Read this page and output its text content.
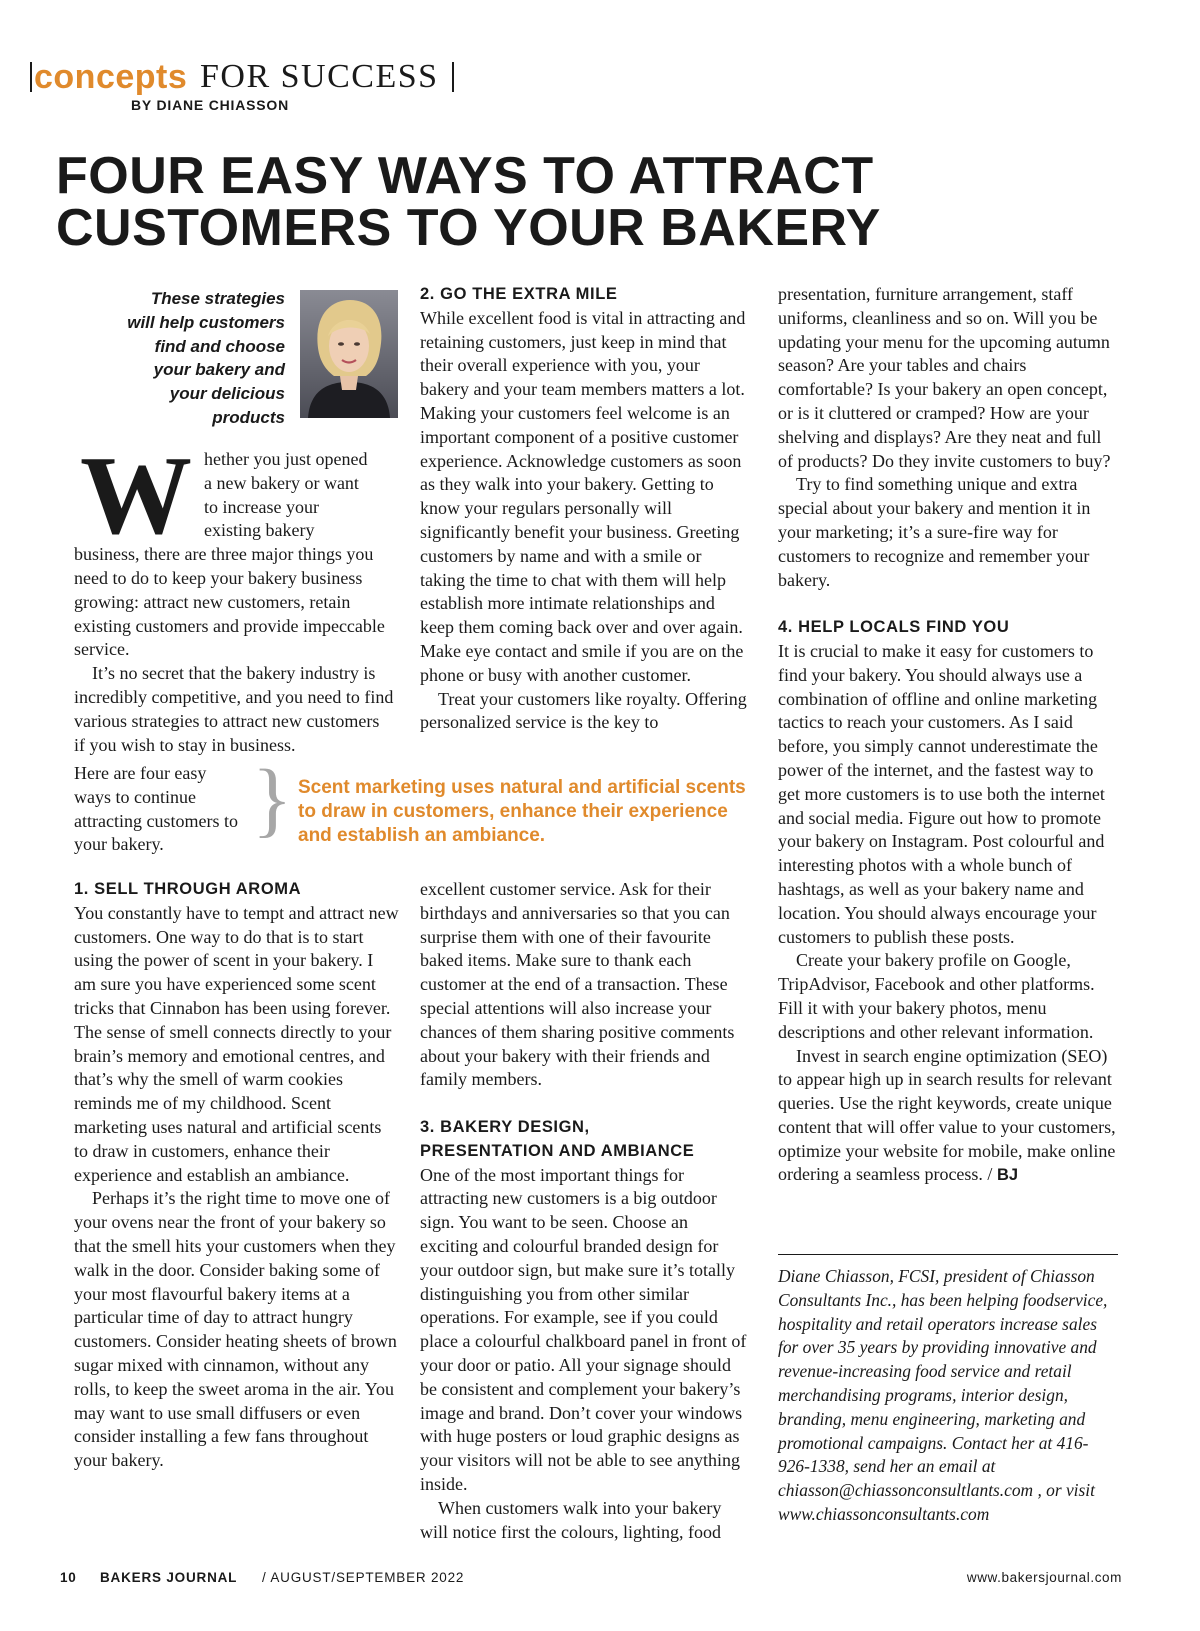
concepts FOR SUCCESS
BY DIANE CHIASSON
FOUR EASY WAYS TO ATTRACT
CUSTOMERS TO YOUR BAKERY
These strategies
will help customers
find and choose
your bakery and
your delicious
products
W hether you just opened
a new bakery or want
to increase your
existing bakery
business, there are three major things you need to do to keep your bakery business growing: attract new customers, retain existing customers and provide impeccable service.
It’s no secret that the bakery industry is incredibly competitive, and you need to find various strategies to attract new customers if you wish to stay in business.
Here are four easy ways to continue attracting customers to your bakery.	} Scent marketing uses natural and artificial scents to draw in customers, enhance their experience and establish an ambiance.
1. SELL THROUGH AROMA
You constantly have to tempt and attract new customers. One way to do that is to start using the power of scent in your bakery. I am sure you have experienced some scent tricks that Cinnabon has been using forever. The sense of smell connects directly to your brain’s memory and emotional centres, and that’s why the smell of warm cookies reminds me of my childhood. Scent marketing uses natural and artificial scents to draw in customers, enhance their experience and establish an ambiance.
Perhaps it’s the right time to move one of your ovens near the front of your bakery so that the smell hits your customers when they walk in the door. Consider baking some of your most flavourful bakery items at a particular time of day to attract hungry customers. Consider heating sheets of brown sugar mixed with cinnamon, without any rolls, to keep the sweet aroma in the air. You may want to use small diffusers or even consider installing a few fans throughout your bakery.
2. GO THE EXTRA MILE
While excellent food is vital in attracting and retaining customers, just keep in mind that their overall experience with you, your bakery and your team members matters a lot. Making your customers feel welcome is an important component of a positive customer experience. Acknowledge customers as soon as they walk into your bakery. Getting to know your regulars personally will significantly benefit your business. Greeting customers by name and with a smile or taking the time to chat with them will help establish more intimate relationships and keep them coming back over and over again. Make eye contact and smile if you are on the phone or busy with another customer.
Treat your customers like royalty. Offering personalized service is the key to
excellent customer service. Ask for their birthdays and anniversaries so that you can surprise them with one of their favourite baked items. Make sure to thank each customer at the end of a transaction. These special attentions will also increase your chances of them sharing positive comments about your bakery with their friends and family members.
3. BAKERY DESIGN,
PRESENTATION AND AMBIANCE
One of the most important things for attracting new customers is a big outdoor sign. You want to be seen. Choose an exciting and colourful branded design for your outdoor sign, but make sure it’s totally distinguishing you from other similar operations. For example, see if you could place a colourful chalkboard panel in front of your door or patio. All your signage should be consistent and complement your bakery’s image and brand. Don’t cover your windows with huge posters or loud graphic designs as your visitors will not be able to see anything inside.
When customers walk into your bakery will notice first the colours, lighting, food
presentation, furniture arrangement, staff uniforms, cleanliness and so on. Will you be updating your menu for the upcoming autumn season? Are your tables and chairs comfortable? Is your bakery an open concept, or is it cluttered or cramped? How are your shelving and displays? Are they neat and full of products? Do they invite customers to buy?
Try to find something unique and extra special about your bakery and mention it in your marketing; it’s a sure-fire way for customers to recognize and remember your bakery.
4. HELP LOCALS FIND YOU
It is crucial to make it easy for customers to find your bakery. You should always use a combination of offline and online marketing tactics to reach your customers. As I said before, you simply cannot underestimate the power of the internet, and the fastest way to get more customers is to use both the internet and social media. Figure out how to promote your bakery on Instagram. Post colourful and interesting photos with a whole bunch of hashtags, as well as your bakery name and location. You should always encourage your customers to publish these posts.
Create your bakery profile on Google, TripAdvisor, Facebook and other platforms. Fill it with your bakery photos, menu descriptions and other relevant information.
Invest in search engine optimization (SEO) to appear high up in search results for relevant queries. Use the right keywords, create unique content that will offer value to your customers, optimize your website for mobile, make online ordering a seamless process. / BJ
Diane Chiasson, FCSI, president of Chiasson Consultants Inc., has been helping foodservice, hospitality and retail operators increase sales for over 35 years by providing innovative and revenue-increasing food service and retail merchandising programs, interior design, branding, menu engineering, marketing and promotional campaigns. Contact her at 416-926-1338, send her an email at chiasson@chiassonconsultlants.com , or visit www.chiassonconsultants.com
10 BAKERS JOURNAL / AUGUST/SEPTEMBER 2022	www.bakersjournal.com
